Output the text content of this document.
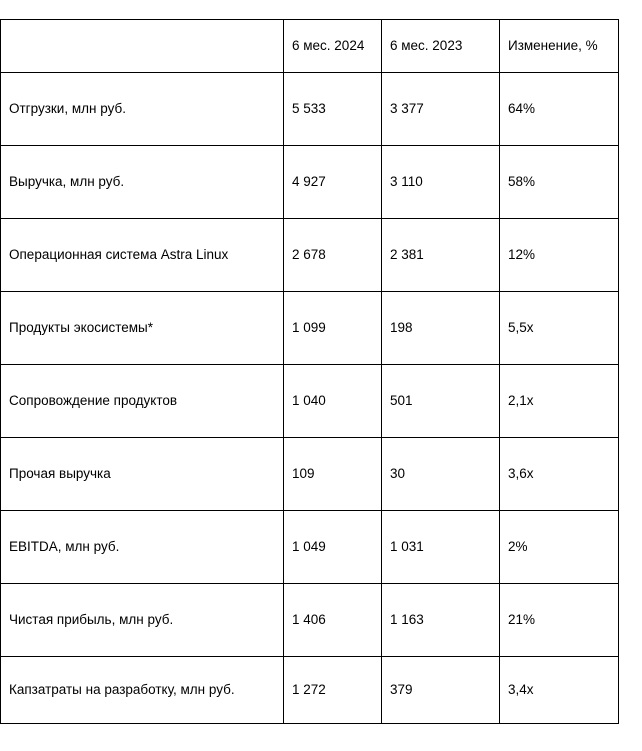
	6 мес. 2024	6 мес. 2023	Изменение, %
Отгрузки, млн руб.	5 533	3 377	64%
Выручка, млн руб.	4 927	3 110	58%
Операционная система Astra Linux	2 678	2 381	12%
Продукты экосистемы*	1 099	198	5,5x
Сопровождение продуктов	1 040	501	2,1x
Прочая выручка	109	30	3,6x
EBITDA, млн руб.	1 049	1 031	2%
Чистая прибыль, млн руб.	1 406	1 163	21%
Капзатраты на разработку, млн руб.	1 272	379	3,4x
